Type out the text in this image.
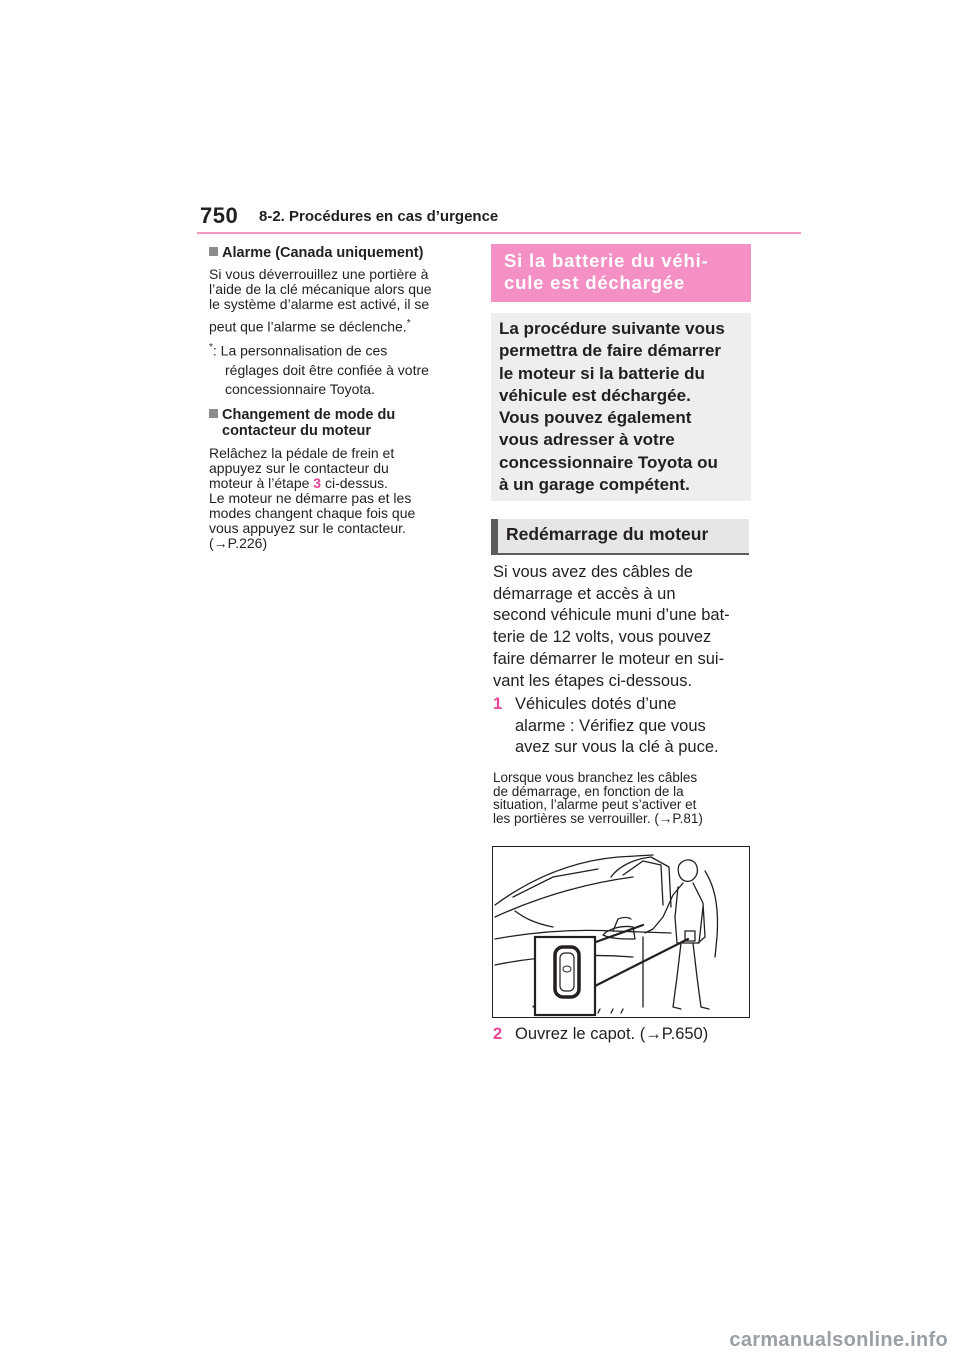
750 8-2. Procédures en cas d’urgence
Alarme (Canada uniquement)
Si vous déverrouillez une portière à
l’aide de la clé mécanique alors que
le système d’alarme est activé, il se
peut que l’alarme se déclenche.*
*: La personnalisation de ces
réglages doit être confiée à votre
concessionnaire Toyota.
Changement de mode du
contacteur du moteur
Relâchez la pédale de frein et
appuyez sur le contacteur du
moteur à l’étape 3 ci-dessus.
Le moteur ne démarre pas et les
modes changent chaque fois que
vous appuyez sur le contacteur.
(→P.226)
Si la batterie du véhi-
cule est déchargée
La procédure suivante vous
permettra de faire démarrer
le moteur si la batterie du
véhicule est déchargée.
Vous pouvez également
vous adresser à votre
concessionnaire Toyota ou
à un garage compétent.
Redémarrage du moteur
Si vous avez des câbles de
démarrage et accès à un
second véhicule muni d’une bat-
terie de 12 volts, vous pouvez
faire démarrer le moteur en sui-
vant les étapes ci-dessous.
1 Véhicules dotés d’une
alarme : Vérifiez que vous
avez sur vous la clé à puce.
Lorsque vous branchez les câbles
de démarrage, en fonction de la
situation, l’alarme peut s’activer et
les portières se verrouiller. (→P.81)
2 Ouvrez le capot. (→P.650)
carmanualsonline.info
